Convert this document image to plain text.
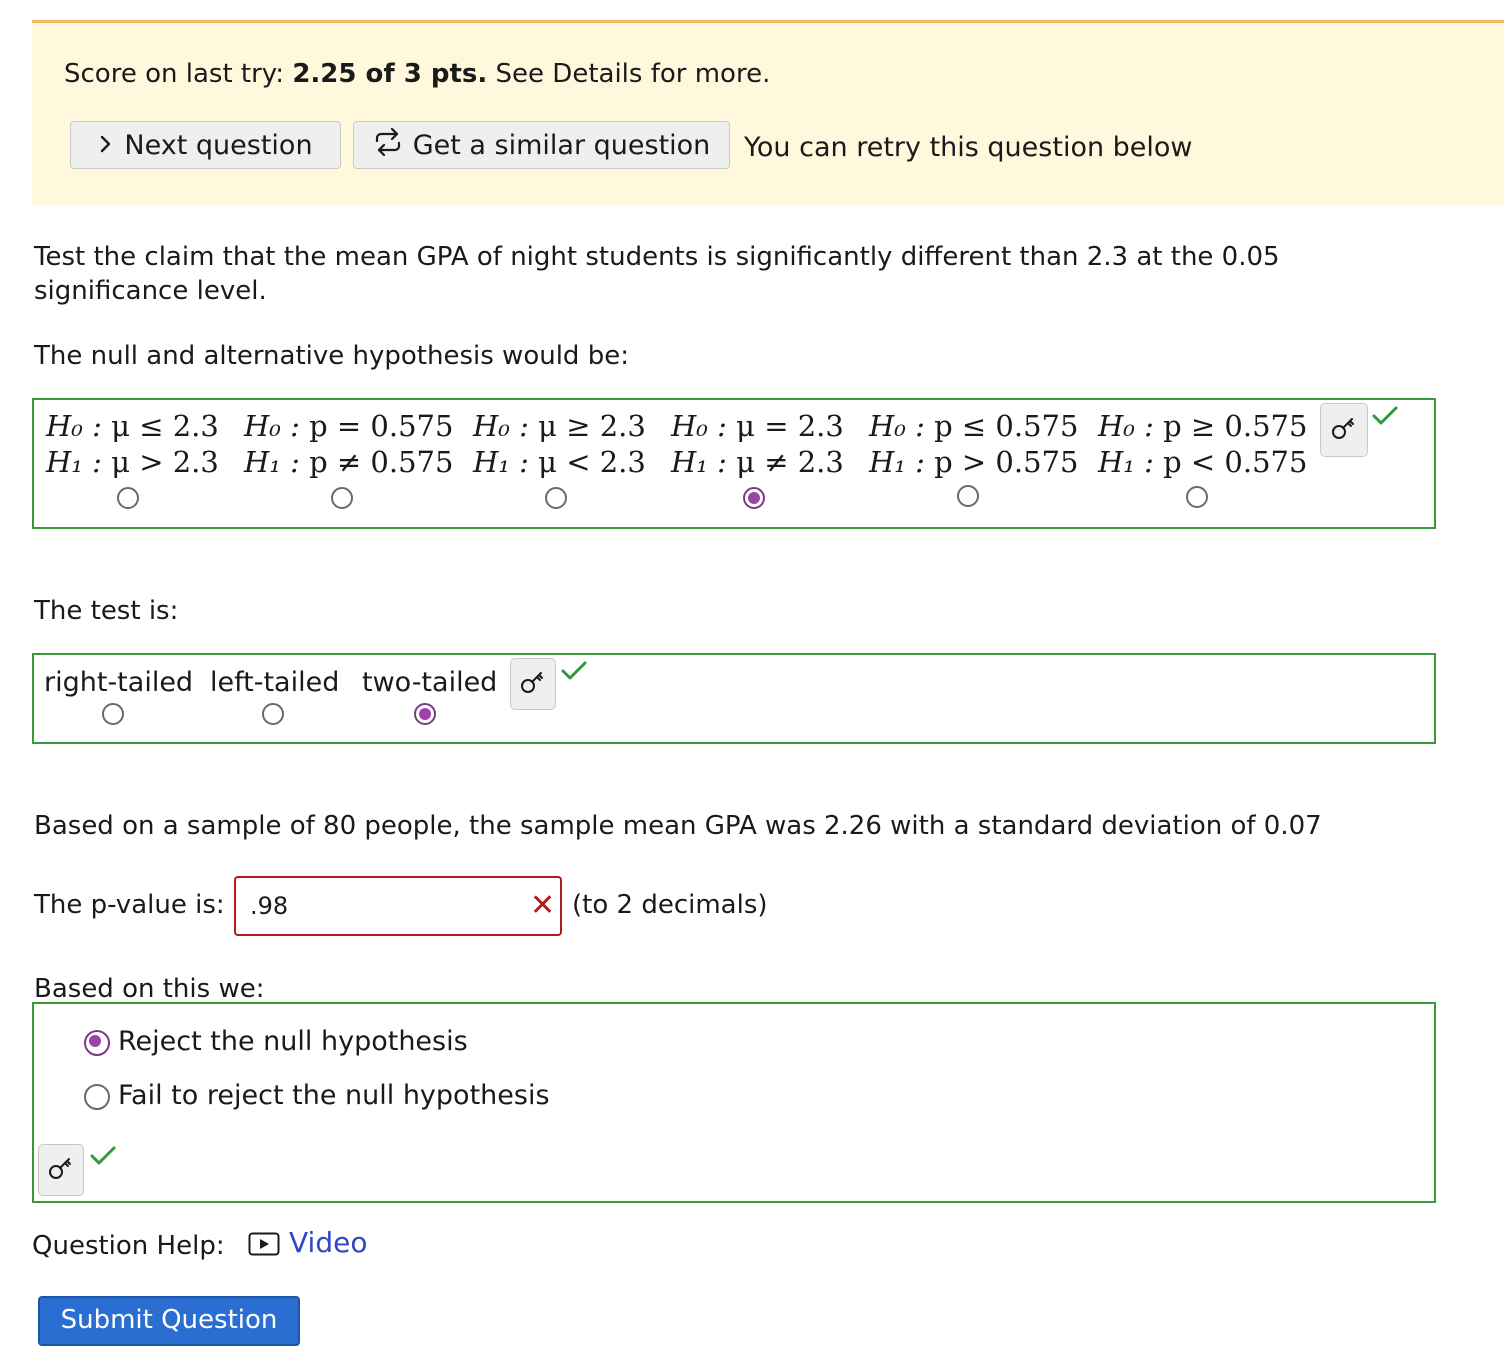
Score on last try: 2.25 of 3 pts. See Details for more.
Next question	Get a similar question You can retry this question below
Test the claim that the mean GPA of night students is significantly different than 2.3 at the 0.05
significance level.
The null and alternative hypothesis would be:
H₀ : μ ≤ 2.3
H₁ : μ > 2.3
H₀ : p = 0.575
H₁ : p ≠ 0.575
H₀ : μ ≥ 2.3
H₁ : μ < 2.3
H₀ : μ = 2.3
H₁ : μ ≠ 2.3
H₀ : p ≤ 0.575
H₁ : p > 0.575
H₀ : p ≥ 0.575
H₁ : p < 0.575
The test is:
right-tailed left-tailed two-tailed
Based on a sample of 80 people, the sample mean GPA was 2.26 with a standard deviation of 0.07
The p-value is:	.98	✕ (to 2 decimals)
Based on this we:
Reject the null hypothesis
Fail to reject the null hypothesis
Question Help: Video
Submit Question
